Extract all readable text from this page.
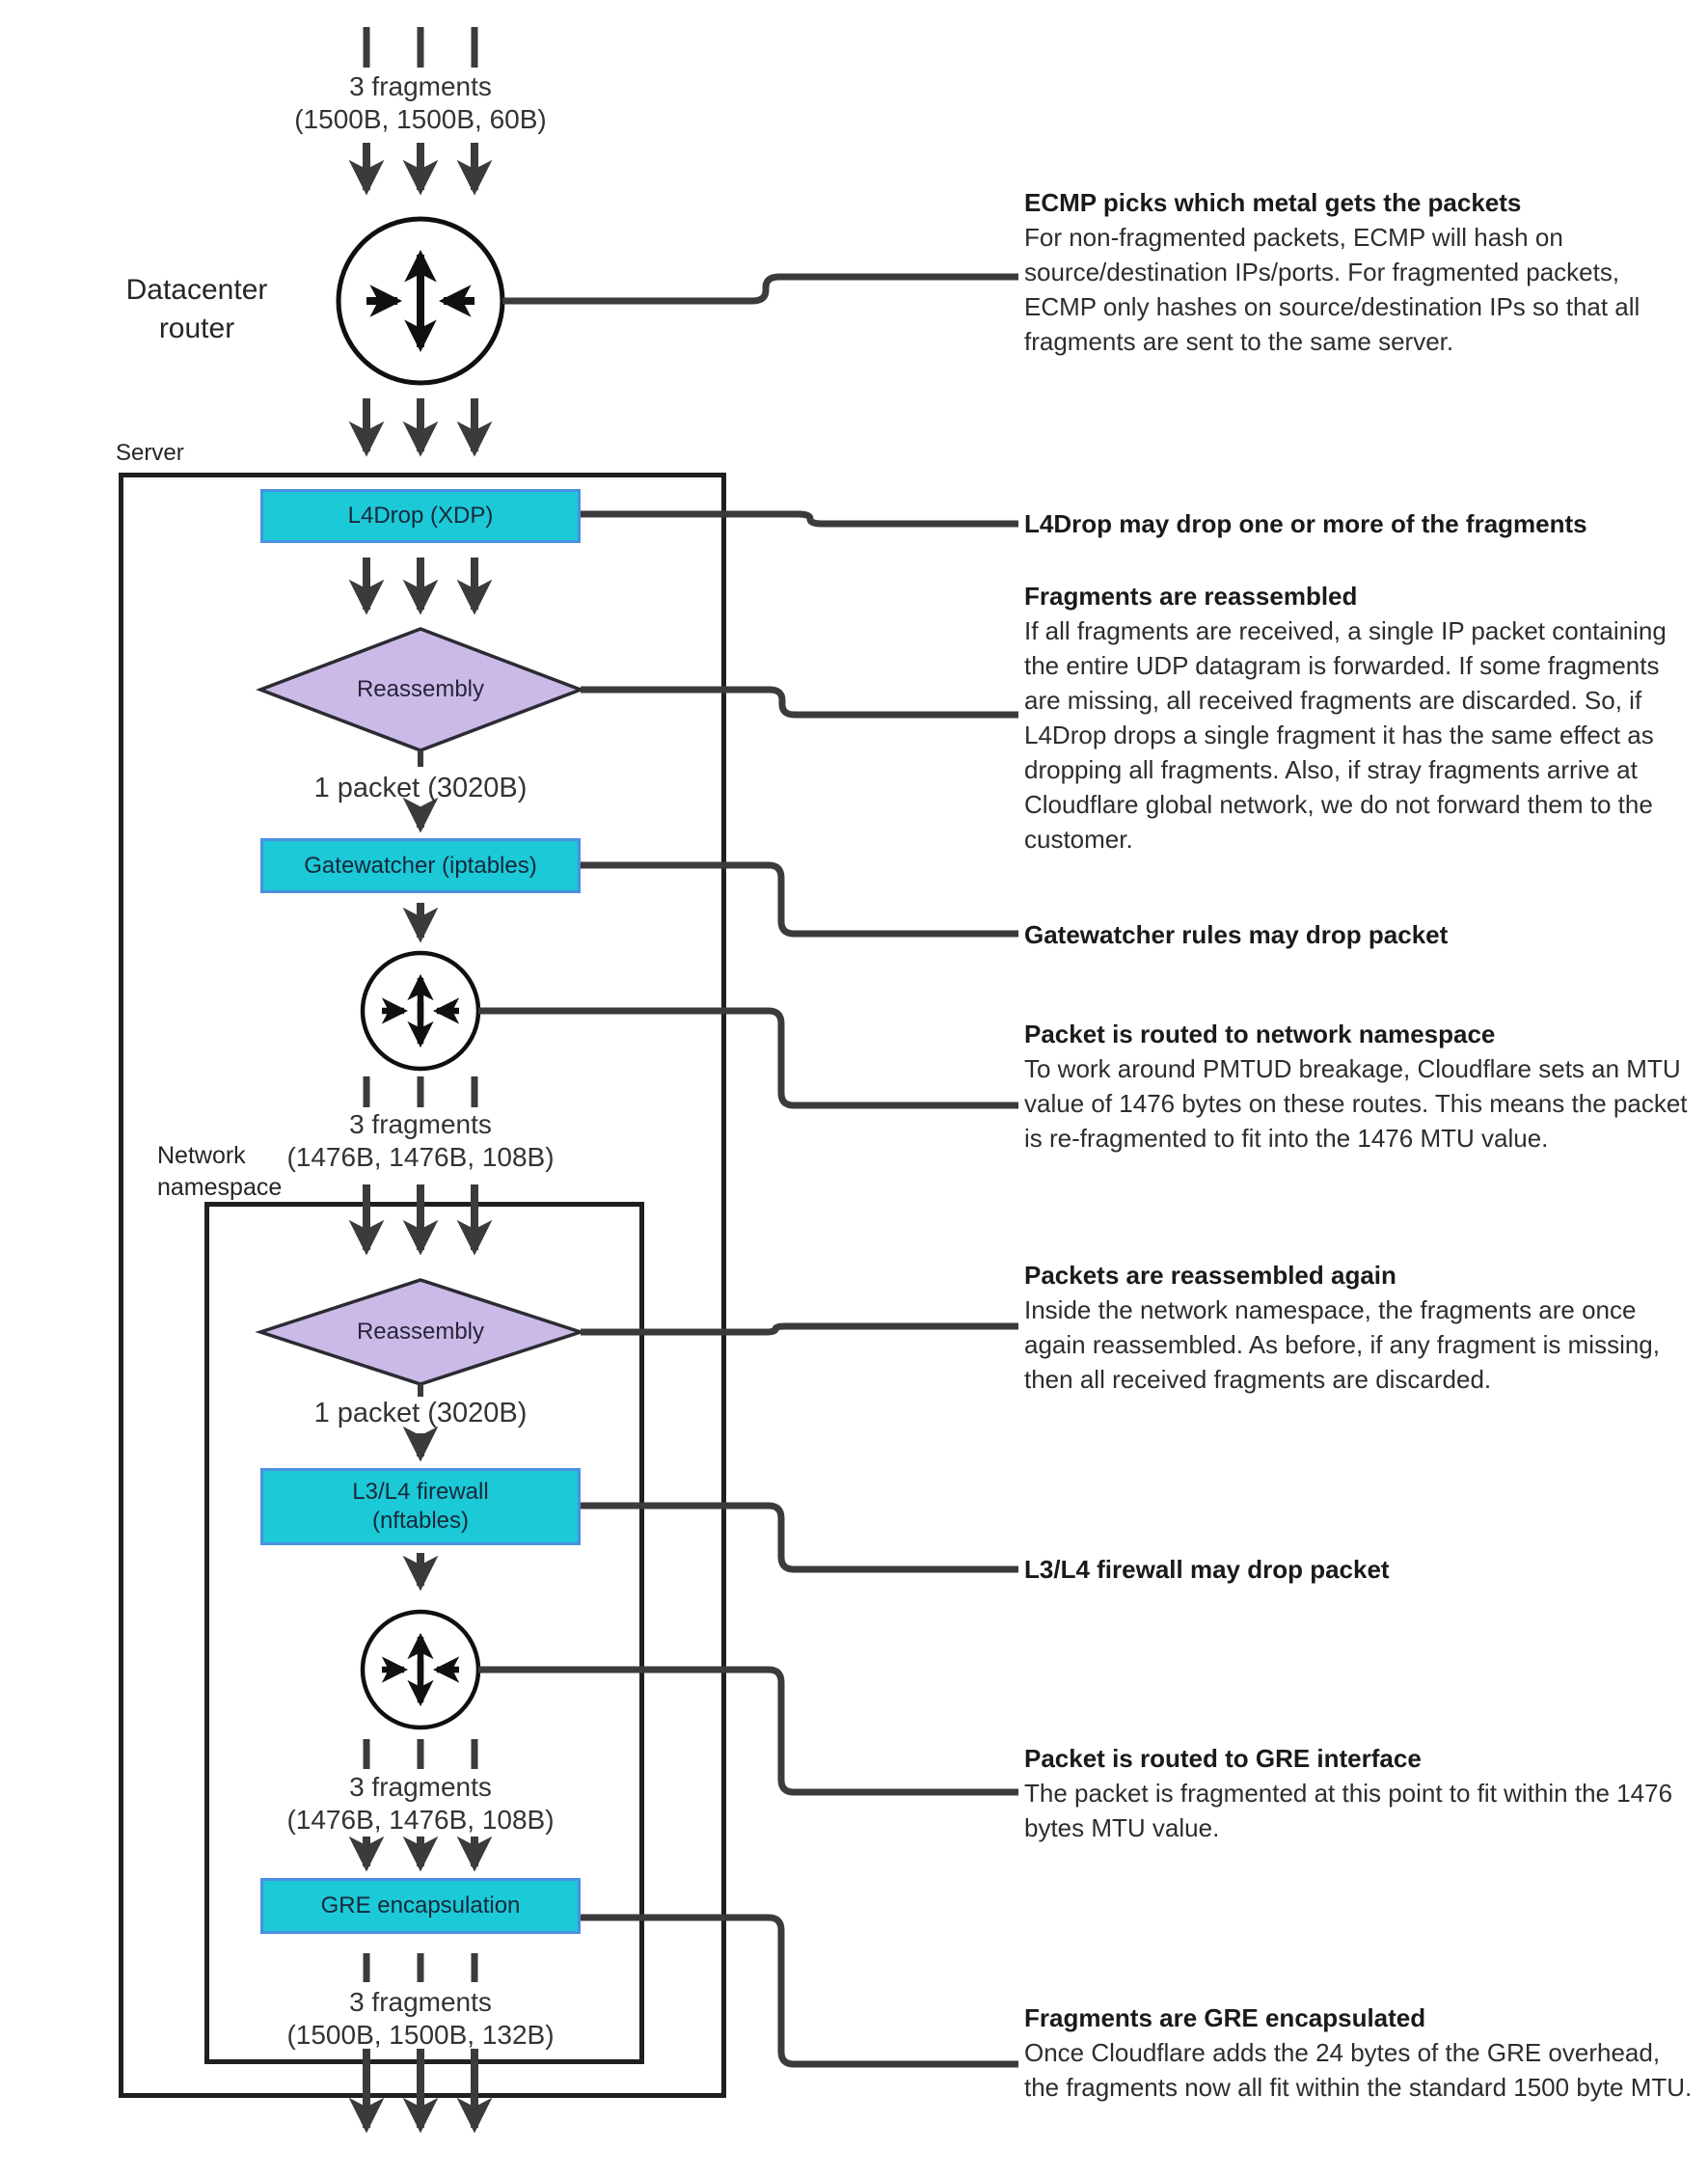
L4Drop (XDP)
Gatewatcher (iptables)
L3/L4 firewall
(nftables)
GRE encapsulation
3 fragments
(1500B, 1500B, 60B)
Datacenter router
Server
Reassembly
1 packet (3020B)
3 fragments
(1476B, 1476B, 108B)
Network namespace
Reassembly
1 packet (3020B)
3 fragments
(1476B, 1476B, 108B)
3 fragments
(1500B, 1500B, 132B)
ECMP picks which metal gets the packets
For non-fragmented packets, ECMP will hash on source/destination IPs/ports. For fragmented packets, ECMP only hashes on source/destination IPs so that all fragments are sent to the same server.
L4Drop may drop one or more of the fragments
Fragments are reassembled
If all fragments are received, a single IP packet containing the entire UDP datagram is forwarded. If some fragments are missing, all received fragments are discarded. So, if L4Drop drops a single fragment it has the same effect as dropping all fragments. Also, if stray fragments arrive at Cloudflare global network, we do not forward them to the customer.
Gatewatcher rules may drop packet
Packet is routed to network namespace
To work around PMTUD breakage, Cloudflare sets an MTU value of 1476 bytes on these routes. This means the packet is re-fragmented to fit into the 1476 MTU value.
Packets are reassembled again
Inside the network namespace, the fragments are once again reassembled. As before, if any fragment is missing, then all received fragments are discarded.
L3/L4 firewall may drop packet
Packet is routed to GRE interface
The packet is fragmented at this point to fit within the 1476 bytes MTU value.
Fragments are GRE encapsulated
Once Cloudflare adds the 24 bytes of the GRE overhead, the fragments now all fit within the standard 1500 byte MTU.
